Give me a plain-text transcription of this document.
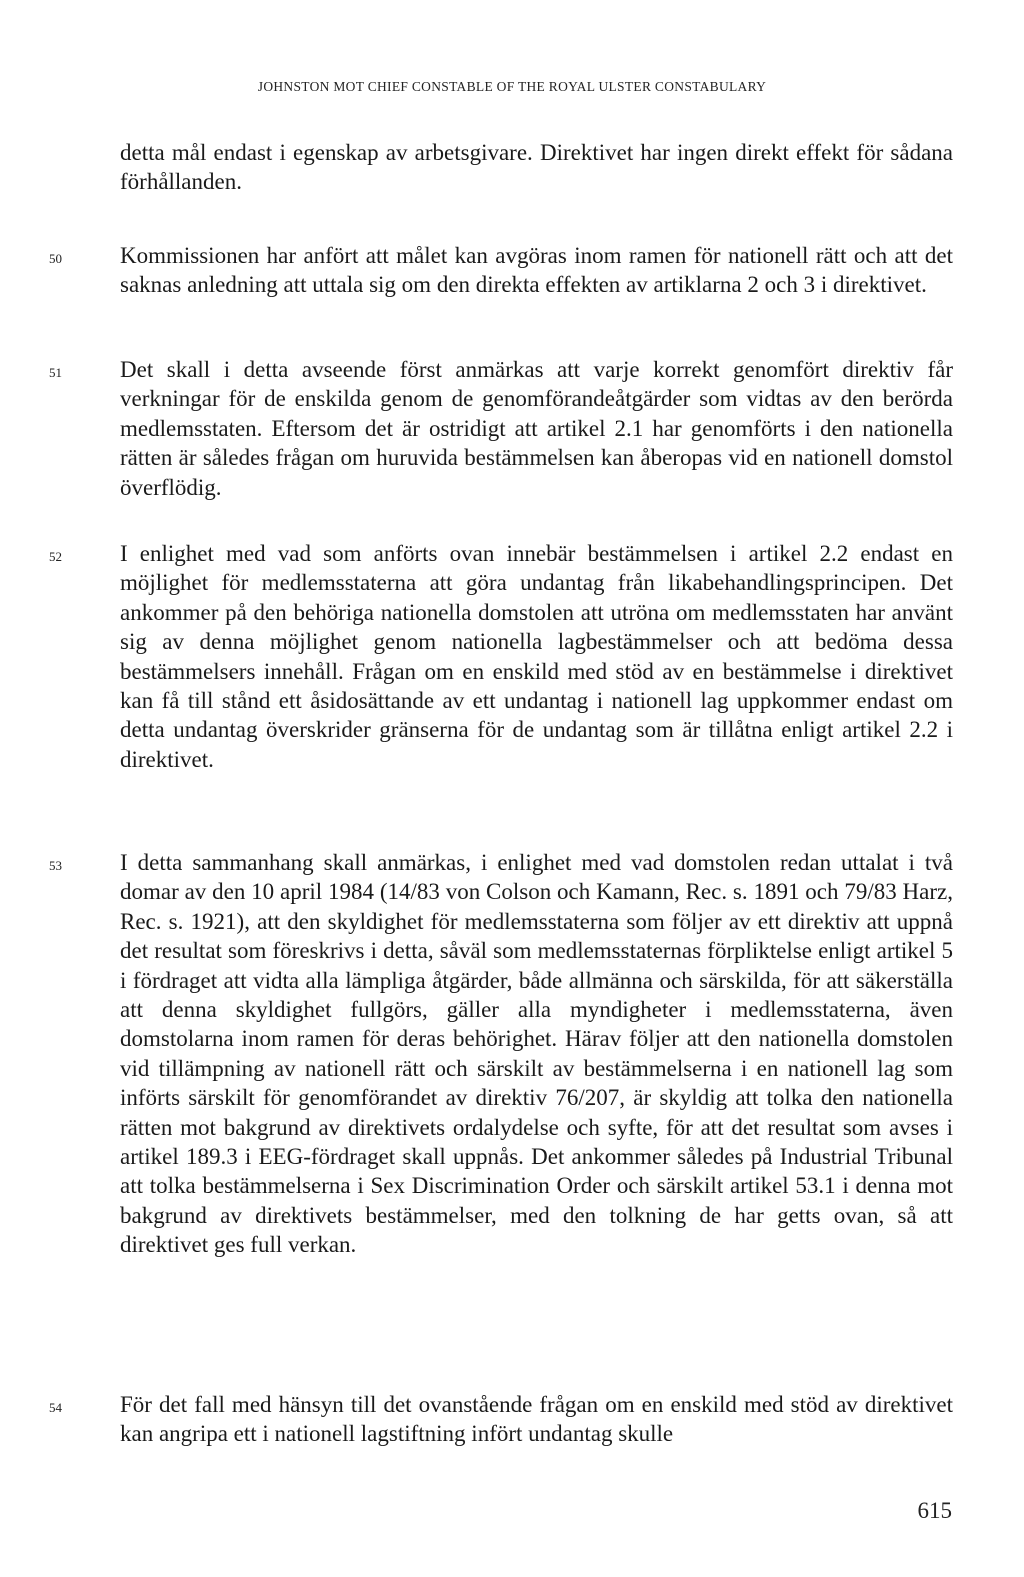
JOHNSTON MOT CHIEF CONSTABLE OF THE ROYAL ULSTER CONSTABULARY

detta mål endast i egenskap av arbetsgivare. Direktivet har ingen direkt effekt för sådana förhållanden.

50	Kommissionen har anfört att målet kan avgöras inom ramen för nationell rätt och att det saknas anledning att uttala sig om den direkta effekten av artiklarna 2 och 3 i direktivet.

51	Det skall i detta avseende först anmärkas att varje korrekt genomfört direktiv får verkningar för de enskilda genom de genomförandeåtgärder som vidtas av den berörda medlemsstaten. Eftersom det är ostridigt att artikel 2.1 har genomförts i den nationella rätten är således frågan om huruvida bestämmelsen kan åberopas vid en nationell domstol överflödig.

52	I enlighet med vad som anförts ovan innebär bestämmelsen i artikel 2.2 endast en möjlighet för medlemsstaterna att göra undantag från likabehandlingsprincipen. Det ankommer på den behöriga nationella domstolen att utröna om medlemsstaten har använt sig av denna möjlighet genom nationella lagbestämmelser och att bedöma dessa bestämmelsers innehåll. Frågan om en enskild med stöd av en bestämmelse i direktivet kan få till stånd ett åsidosättande av ett undantag i nationell lag uppkommer endast om detta undantag överskrider gränserna för de undantag som är tillåtna enligt artikel 2.2 i direktivet.

53	I detta sammanhang skall anmärkas, i enlighet med vad domstolen redan uttalat i två domar av den 10 april 1984 (14/83 von Colson och Kamann, Rec. s. 1891 och 79/83 Harz, Rec. s. 1921), att den skyldighet för medlemsstaterna som följer av ett direktiv att uppnå det resultat som föreskrivs i detta, såväl som medlemsstaternas förpliktelse enligt artikel 5 i fördraget att vidta alla lämpliga åtgärder, både allmänna och särskilda, för att säkerställa att denna skyldighet fullgörs, gäller alla myndigheter i medlemsstaterna, även domstolarna inom ramen för deras behörighet. Härav följer att den nationella domstolen vid tillämpning av nationell rätt och särskilt av bestämmelserna i en nationell lag som införts särskilt för genomförandet av direktiv 76/207, är skyldig att tolka den nationella rätten mot bakgrund av direktivets ordalydelse och syfte, för att det resultat som avses i artikel 189.3 i EEG-fördraget skall uppnås. Det ankommer således på Industrial Tribunal att tolka bestämmelserna i Sex Discrimination Order och särskilt artikel 53.1 i denna mot bakgrund av direktivets bestämmelser, med den tolkning de har getts ovan, så att direktivet ges full verkan.

54	För det fall med hänsyn till det ovanstående frågan om en enskild med stöd av direktivet kan angripa ett i nationell lagstiftning infört undantag skulle

615
